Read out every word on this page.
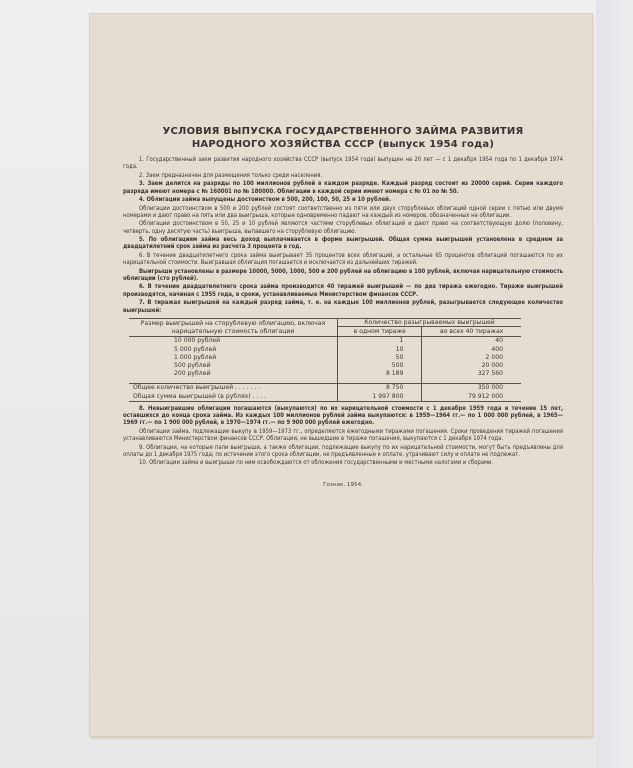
УСЛОВИЯ ВЫПУСКА ГОСУДАРСТВЕННОГО ЗАЙМА РАЗВИТИЯ
НАРОДНОГО ХОЗЯЙСТВА СССР (выпуск 1954 года)

1. Государственный заем развития народного хозяйства СССР (выпуск 1954 года) выпущен на 20 лет — с 1 декабря 1954 года по 1 декабря 1974 года.

2. Заем предназначен для размещения только среди населения.

3. Заем делится на разряды по 100 миллионов рублей в каждом разряде. Каждый разряд состоит из 20000 серий. Серии каждого разряда имеют номера с № 160001 по № 180000. Облигации в каждой серии имеют номера с № 01 по № 50.

4. Облигации займа выпущены достоинством в 500, 200, 100, 50, 25 и 10 рублей.

Облигации достоинством в 500 и 200 рублей состоят соответственно из пяти или двух сторублевых облигаций одной серии с пятью или двумя номерами и дают право на пять или два выигрыша, которые одновременно падают на каждый из номеров, обозначенных на облигации.

Облигации достоинством в 50, 25 и 10 рублей являются частями сторублевых облигаций и дают право на соответствующую долю (половину, четверть, одну десятую часть) выигрыша, выпавшего на сторублевую облигацию.

5. По облигациям займа весь доход выплачивается в форме выигрышей. Общая сумма выигрышей установлена в среднем за двадцатилетний срок займа из расчета 3 процента в год.

6. В течение двадцатилетнего срока займа выигрывает 35 процентов всех облигаций, а остальные 65 процентов облигаций погашаются по их нарицательной стоимости. Выигравшая облигация погашается и исключается из дальнейших тиражей.

Выигрыши установлены в размере 10000, 5000, 1000, 500 и 200 рублей на облигацию в 100 рублей, включая нарицательную стоимость облигации (сто рублей).

6. В течение двадцатилетнего срока займа производится 40 тиражей выигрышей — по два тиража ежегодно. Тиражи выигрышей производятся, начиная с 1955 года, в сроки, устанавливаемые Министерством финансов СССР.

7. В тиражах выигрышей на каждый разряд займа, т. е. на каждые 100 миллионов рублей, разыгрывается следующее количество выигрышей:

Размер выигрышей на сторублевую облигацию, включая нарицательную стоимость облигации	Количество разыгрываемых выигрышей	
	в одном тираже	во всех 40 тиражах
10 000 рублей	1	40
5 000 рублей	10	400
1 000 рублей	50	2 000
500 рублей	500	20 000
200 рублей	8 189	327 560
Общее количество выигрышей . . . . . . .	8 750	350 000
Общая сумма выигрышей (в рублях) . . . .	1 997 800	79 912 000

8. Невыигравшие облигации погашаются (выкупаются) по их нарицательной стоимости с 1 декабря 1959 года в течение 15 лет, оставшихся до конца срока займа. Из каждых 100 миллионов рублей займа выкупаются: в 1959—1964 гг.— по 1 000 000 рублей, в 1965—1969 гг.— по 1 900 000 рублей, в 1970—1974 гг.— по 9 900 000 рублей ежегодно.

Облигации займа, подлежащие выкупу в 1959—1973 гг., определяются ежегодными тиражами погашения. Сроки проведения тиражей погашения устанавливаются Министерством финансов СССР. Облигации, не вышедшие в тираже погашения, выкупаются с 1 декабря 1974 года.

9. Облигации, на которые пали выигрыши, а также облигации, подлежащие выкупу по их нарицательной стоимости, могут быть предъявлены для оплаты до 1 декабря 1975 года; по истечении этого срока облигации, не предъявленные к оплате, утрачивают силу и оплате не подлежат.

10. Облигации займа и выигрыши по ним освобождаются от обложения государственными и местными налогами и сборами.

Гознак. 1954.
